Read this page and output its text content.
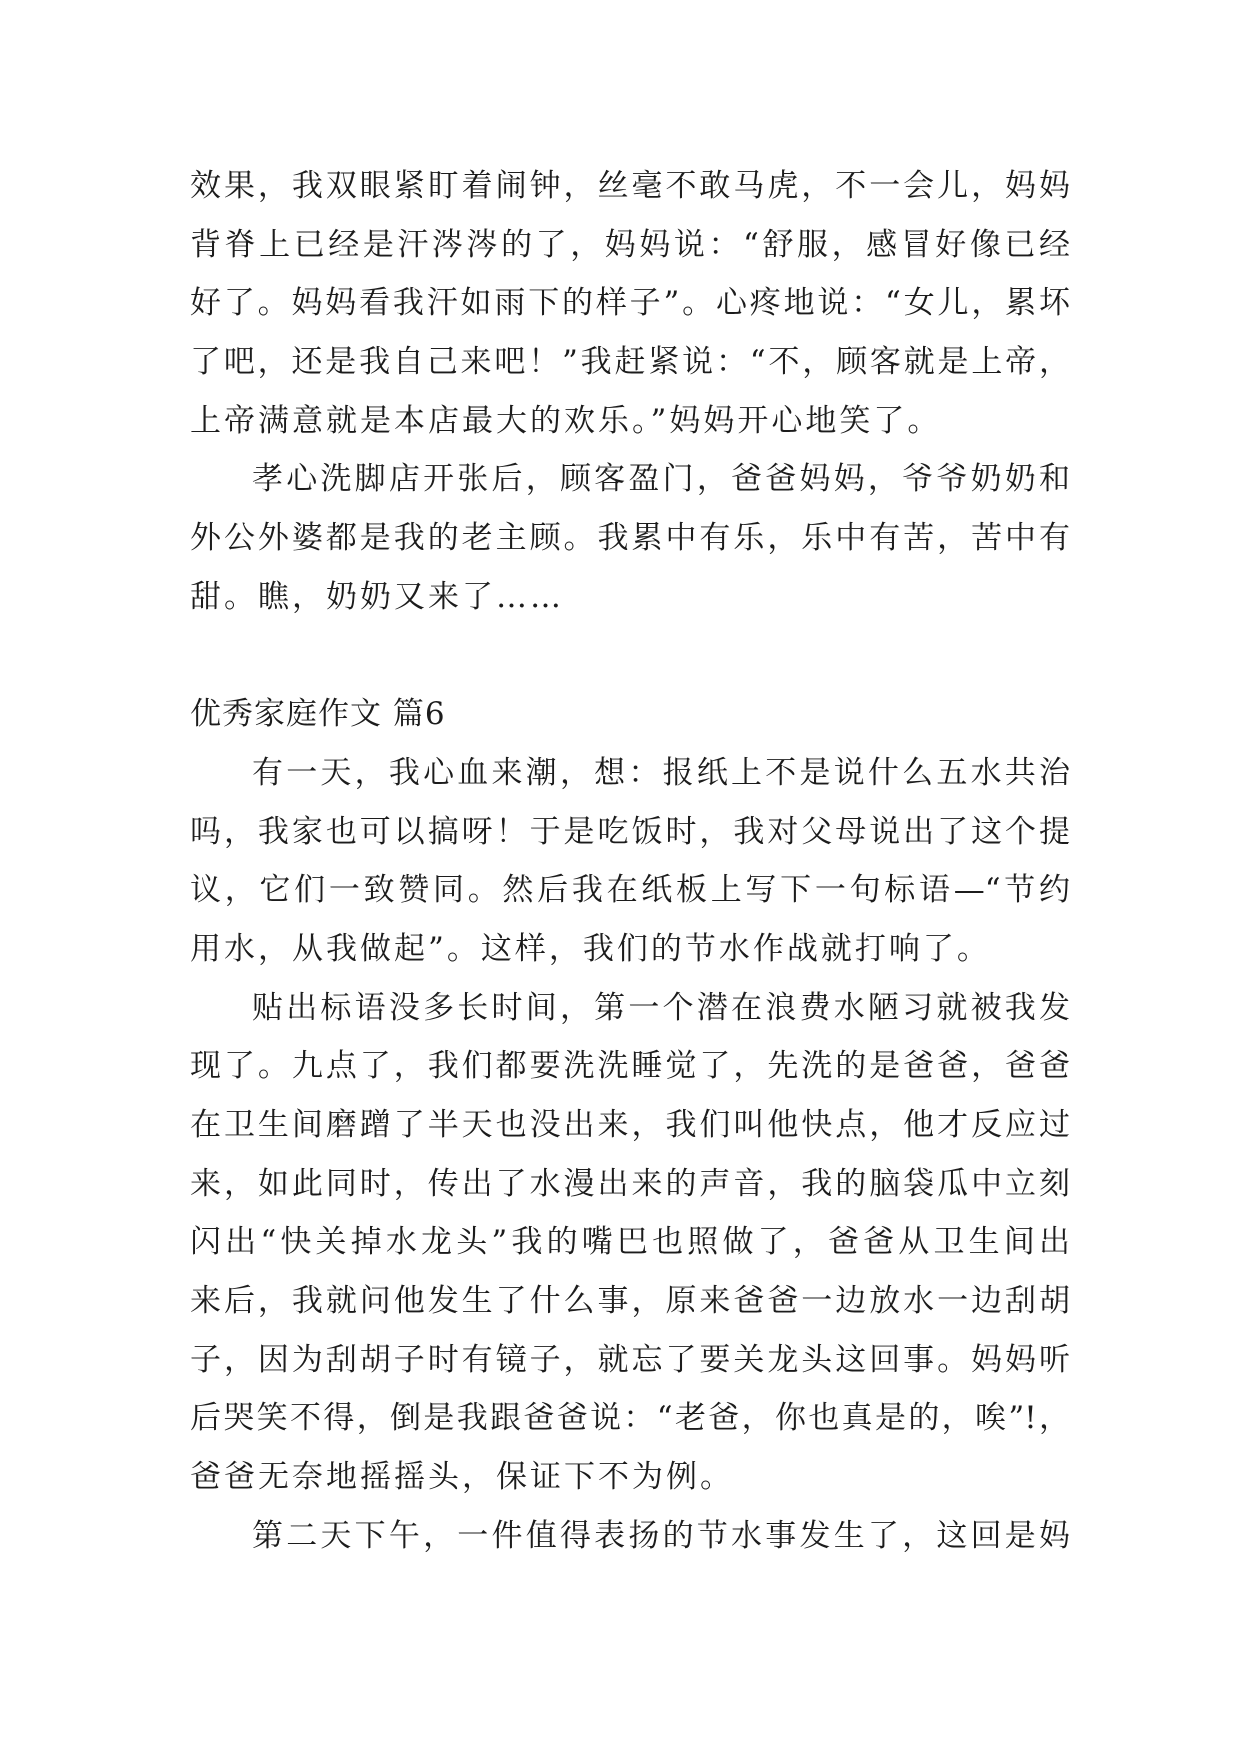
效果，我双眼紧盯着闹钟，丝毫不敢马虎，不一会儿，妈妈
背脊上已经是汗涔涔的了，妈妈说：“舒服，感冒好像已经
好了。妈妈看我汗如雨下的样子”。心疼地说：“女儿，累坏
了吧，还是我自己来吧！”我赶紧说：“不，顾客就是上帝，
上帝满意就是本店最大的欢乐。”妈妈开心地笑了。
孝心洗脚店开张后，顾客盈门，爸爸妈妈，爷爷奶奶和
外公外婆都是我的老主顾。我累中有乐，乐中有苦，苦中有
甜。瞧，奶奶又来了……
优秀家庭作文 篇6
有一天，我心血来潮，想：报纸上不是说什么五水共治
吗，我家也可以搞呀！于是吃饭时，我对父母说出了这个提
议，它们一致赞同。然后我在纸板上写下一句标语—“节约
用水，从我做起”。这样，我们的节水作战就打响了。
贴出标语没多长时间，第一个潜在浪费水陋习就被我发
现了。九点了，我们都要洗洗睡觉了，先洗的是爸爸，爸爸
在卫生间磨蹭了半天也没出来，我们叫他快点，他才反应过
来，如此同时，传出了水漫出来的声音，我的脑袋瓜中立刻
闪出“快关掉水龙头”我的嘴巴也照做了，爸爸从卫生间出
来后，我就问他发生了什么事，原来爸爸一边放水一边刮胡
子，因为刮胡子时有镜子，就忘了要关龙头这回事。妈妈听
后哭笑不得，倒是我跟爸爸说：“老爸，你也真是的，唉”!，
爸爸无奈地摇摇头，保证下不为例。
第二天下午，一件值得表扬的节水事发生了，这回是妈
